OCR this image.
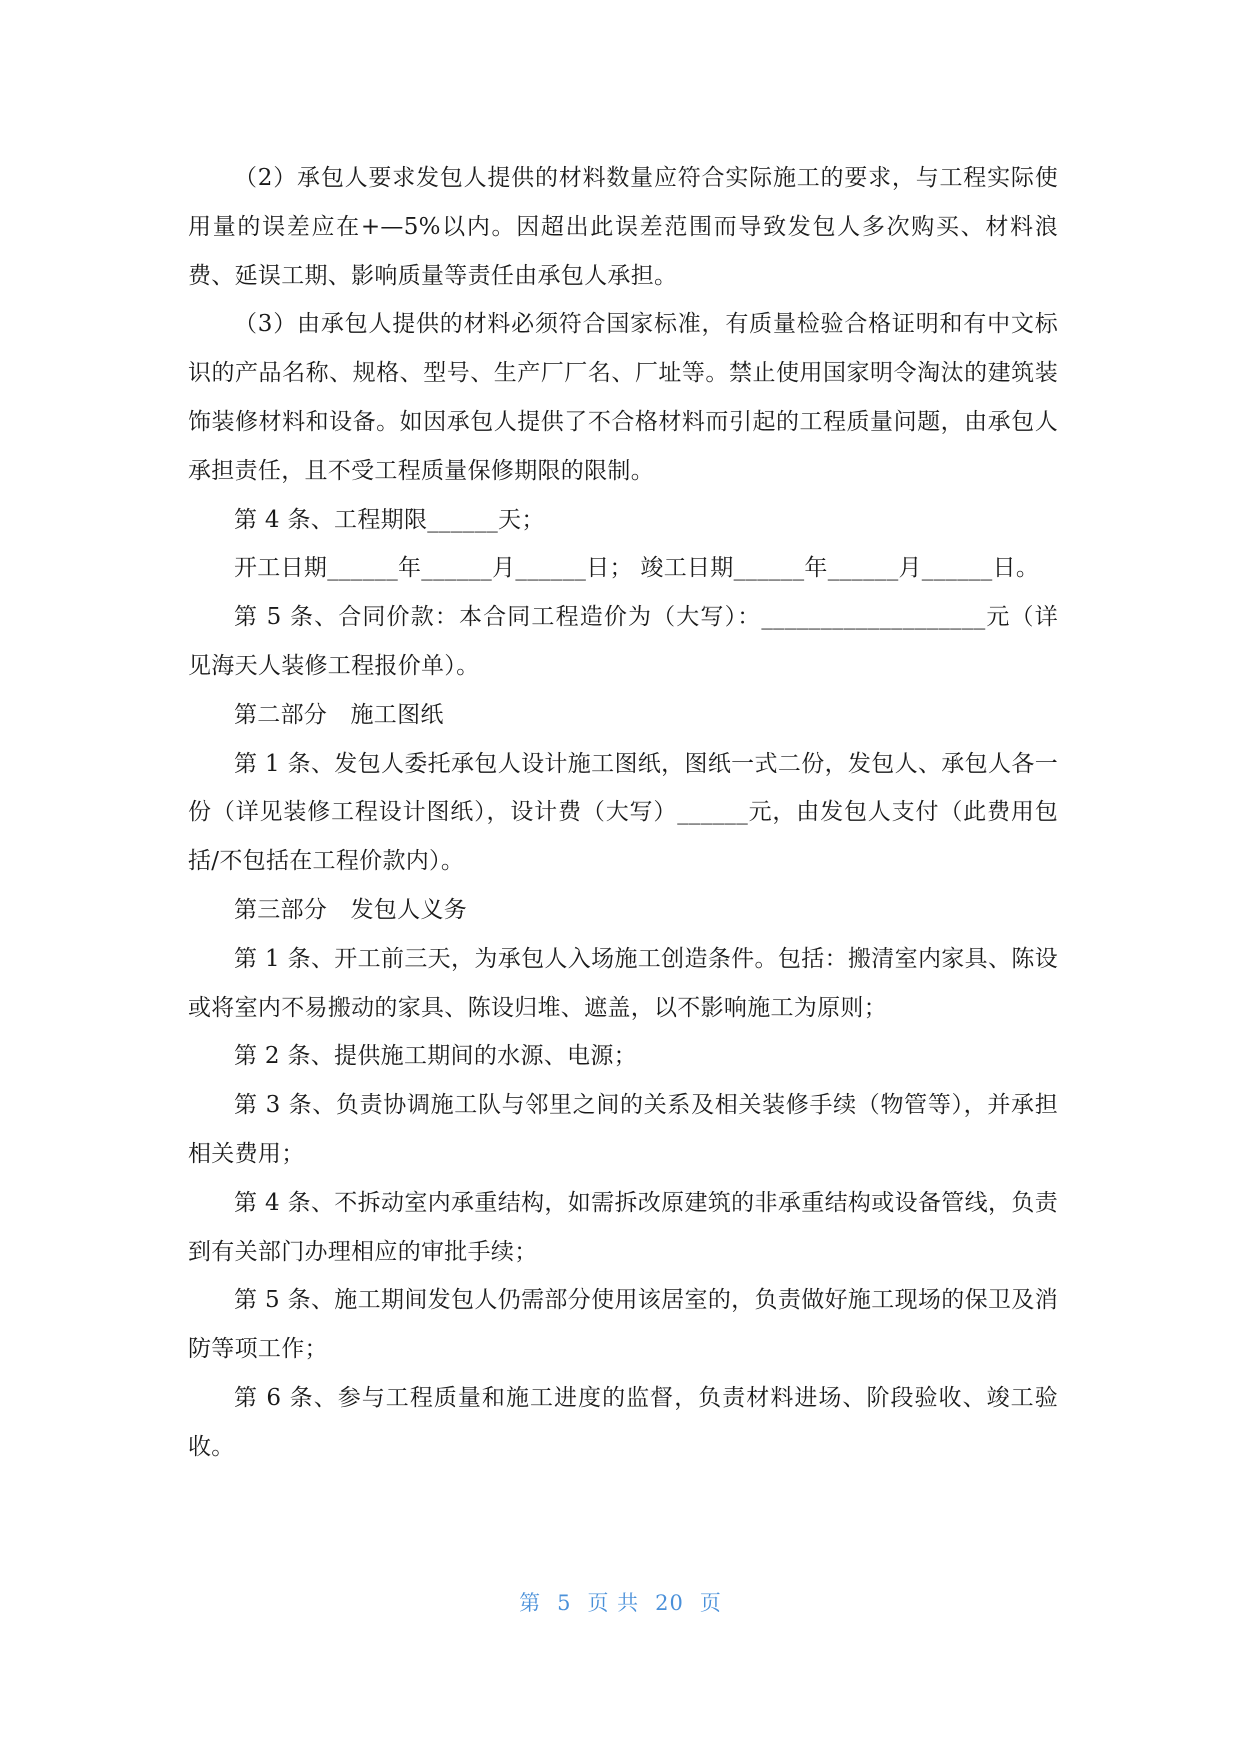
（2）承包人要求发包人提供的材料数量应符合实际施工的要求，与工程实际使用量的误差应在+—5%以内。因超出此误差范围而导致发包人多次购买、材料浪费、延误工期、影响质量等责任由承包人承担。

（3）由承包人提供的材料必须符合国家标准，有质量检验合格证明和有中文标识的产品名称、规格、型号、生产厂厂名、厂址等。禁止使用国家明令淘汰的建筑装饰装修材料和设备。如因承包人提供了不合格材料而引起的工程质量问题，由承包人承担责任，且不受工程质量保修期限的限制。

第 4 条、工程期限______天；

开工日期______年______月______日； 竣工日期______年______月______日。

第 5 条、合同价款：本合同工程造价为（大写）：___________________元（详见海天人装修工程报价单）。

第二部分　施工图纸

第 1 条、发包人委托承包人设计施工图纸，图纸一式二份，发包人、承包人各一份（详见装修工程设计图纸），设计费（大写）______元，由发包人支付（此费用包括/不包括在工程价款内）。

第三部分　发包人义务

第 1 条、开工前三天，为承包人入场施工创造条件。包括：搬清室内家具、陈设或将室内不易搬动的家具、陈设归堆、遮盖，以不影响施工为原则；

第 2 条、提供施工期间的水源、电源；

第 3 条、负责协调施工队与邻里之间的关系及相关装修手续（物管等），并承担相关费用；

第 4 条、不拆动室内承重结构，如需拆改原建筑的非承重结构或设备管线，负责到有关部门办理相应的审批手续；

第 5 条、施工期间发包人仍需部分使用该居室的，负责做好施工现场的保卫及消防等项工作；

第 6 条、参与工程质量和施工进度的监督，负责材料进场、阶段验收、竣工验收。

第 5 页 共 20 页
